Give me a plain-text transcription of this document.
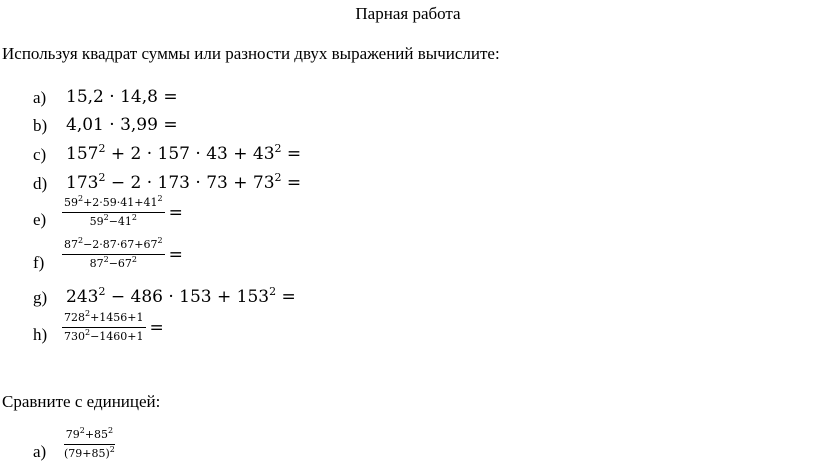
Парная работа
Используя квадрат суммы или разности двух выражений вычислите:
a) 15,2 · 14,8 =
b) 4,01 · 3,99 =
c) $157^2 + 2 \cdot 157 \cdot 43 + 43^2$ =
d) $173^2 - 2 \cdot 173 \cdot 73 + 73^2$ =
$e) \frac{59^2+2\cdot 59\cdot 41+41^2}{59^2-41^2}$ =
$f) \frac{87^2-2\cdot 87\cdot 67+67^2}{87^2-67^2}$ =
g) $243^2 - 486 \cdot 153 + 153^2$ =
$h) \frac{728^2+1456+1}{730^2-1460+1}$ =
Сравните с единицей:
$a) \frac{79^2+85^2}{(79+85)^2}$
